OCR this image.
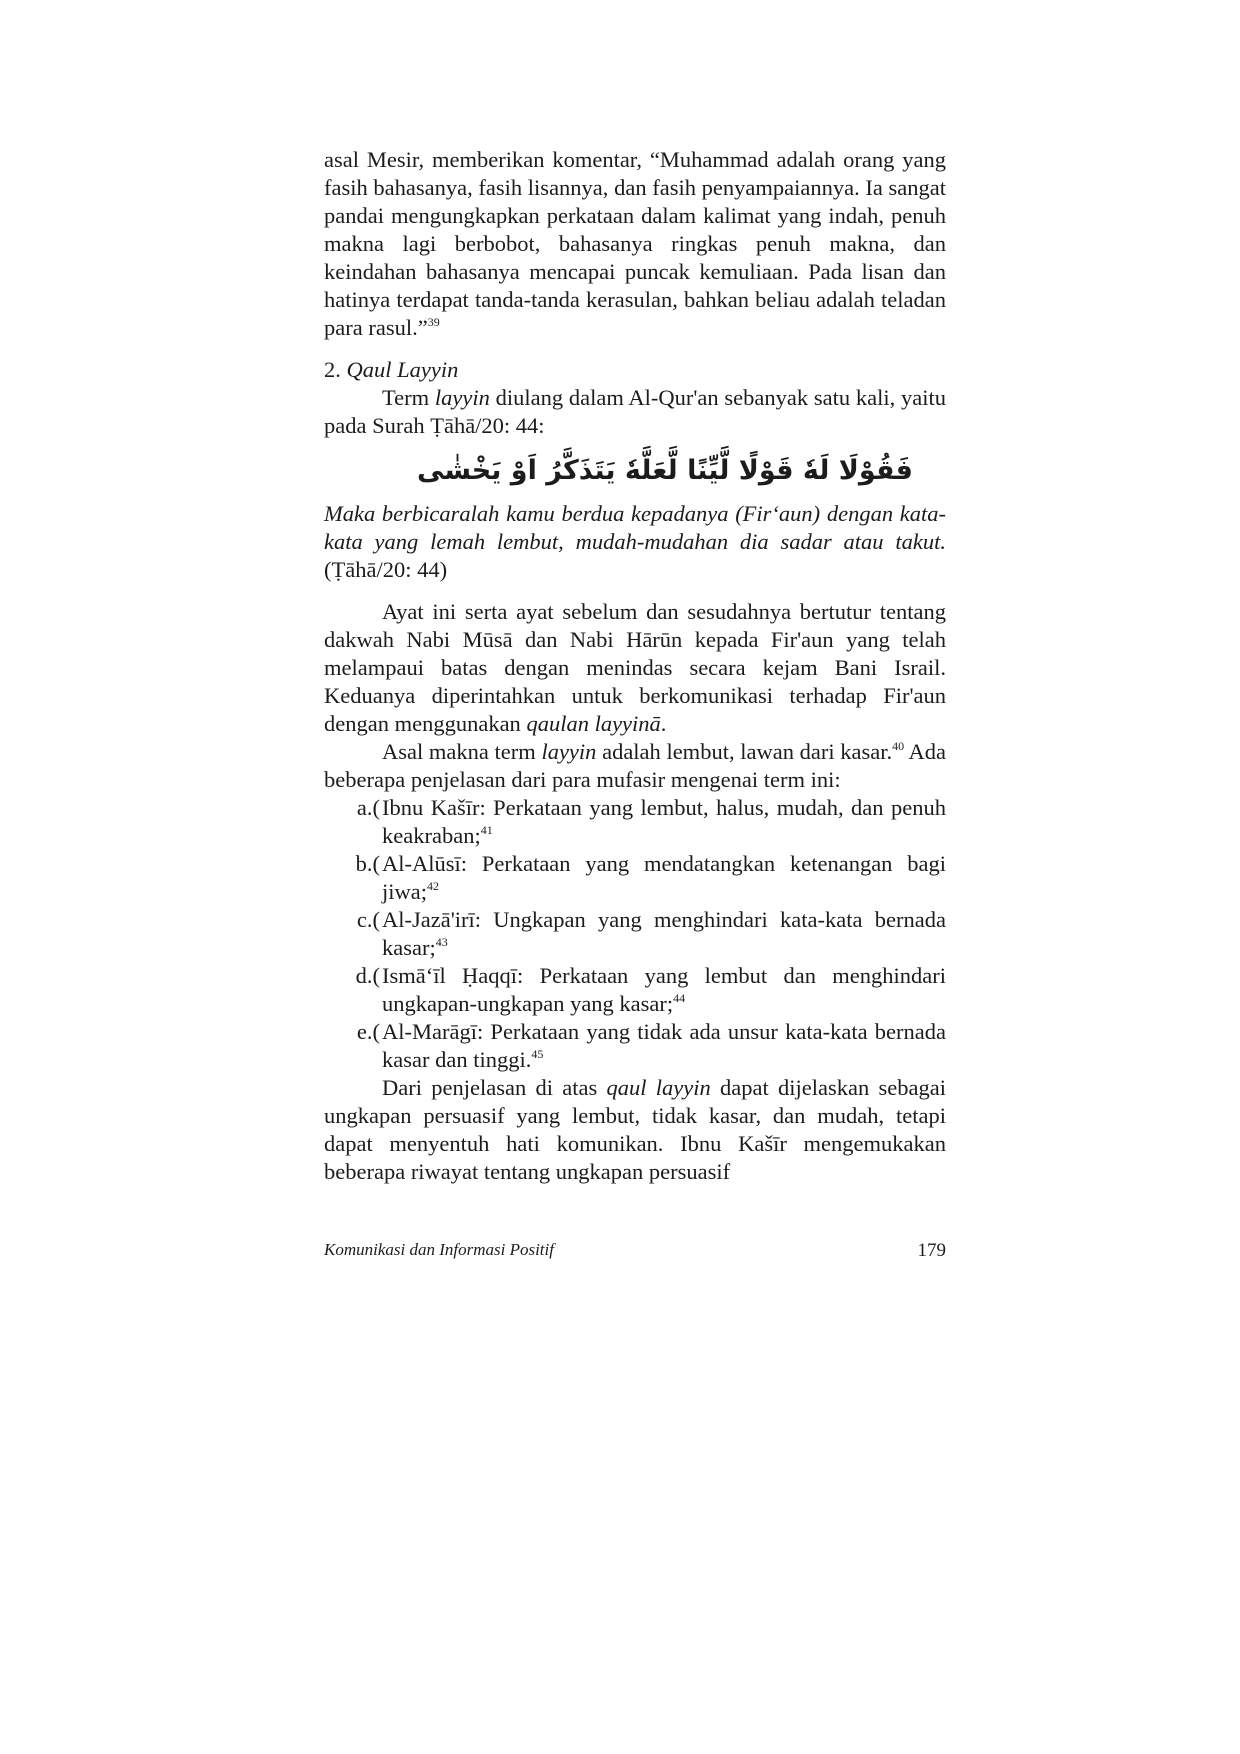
asal Mesir, memberikan komentar, “Muhammad adalah orang yang fasih bahasanya, fasih lisannya, dan fasih penyampaiannya. Ia sangat pandai mengungkapkan perkataan dalam kalimat yang indah, penuh makna lagi berbobot, bahasanya ringkas penuh makna, dan keindahan bahasanya mencapai puncak kemuliaan. Pada lisan dan hatinya terdapat tanda-tanda kerasulan, bahkan beliau adalah teladan para rasul.”$^{39}$

2. Qaul Layyin

Term layyin diulang dalam Al-Qur'an sebanyak satu kali, yaitu pada Surah Ṭāhā/20: 44:

فَقُوْلَا لَهٗ قَوْلًا لَّيِّنًا لَّعَلَّهٗ يَتَذَكَّرُ اَوْ يَخْشٰى

Maka berbicaralah kamu berdua kepadanya (Fir‘aun) dengan kata-kata yang lemah lembut, mudah-mudahan dia sadar atau takut. (Ṭāhā/20: 44)

Ayat ini serta ayat sebelum dan sesudahnya bertutur tentang dakwah Nabi Mūsā dan Nabi Hārūn kepada Fir'aun yang telah melampaui batas dengan menindas secara kejam Bani Israil. Keduanya diperintahkan untuk berkomunikasi terhadap Fir'aun dengan menggunakan qaulan layyinā.

Asal makna term layyin adalah lembut, lawan dari kasar.$^{40}$ Ada beberapa penjelasan dari para mufasir mengenai term ini:

a.( Ibnu Kašīr: Perkataan yang lembut, halus, mudah, dan penuh keakraban;$^{41}$
b.( Al-Alūsī: Perkataan yang mendatangkan ketenangan bagi jiwa;$^{42}$
c.( Al-Jazā'irī: Ungkapan yang menghindari kata-kata bernada kasar;$^{43}$
d.( Ismā‘īl Ḥaqqī: Perkataan yang lembut dan menghindari ungkapan-ungkapan yang kasar;$^{44}$
e.( Al-Marāgī: Perkataan yang tidak ada unsur kata-kata bernada kasar dan tinggi.$^{45}$

Dari penjelasan di atas qaul layyin dapat dijelaskan sebagai ungkapan persuasif yang lembut, tidak kasar, dan mudah, tetapi dapat menyentuh hati komunikan. Ibnu Kašīr mengemukakan beberapa riwayat tentang ungkapan persuasif

Komunikasi dan Informasi Positif	179
